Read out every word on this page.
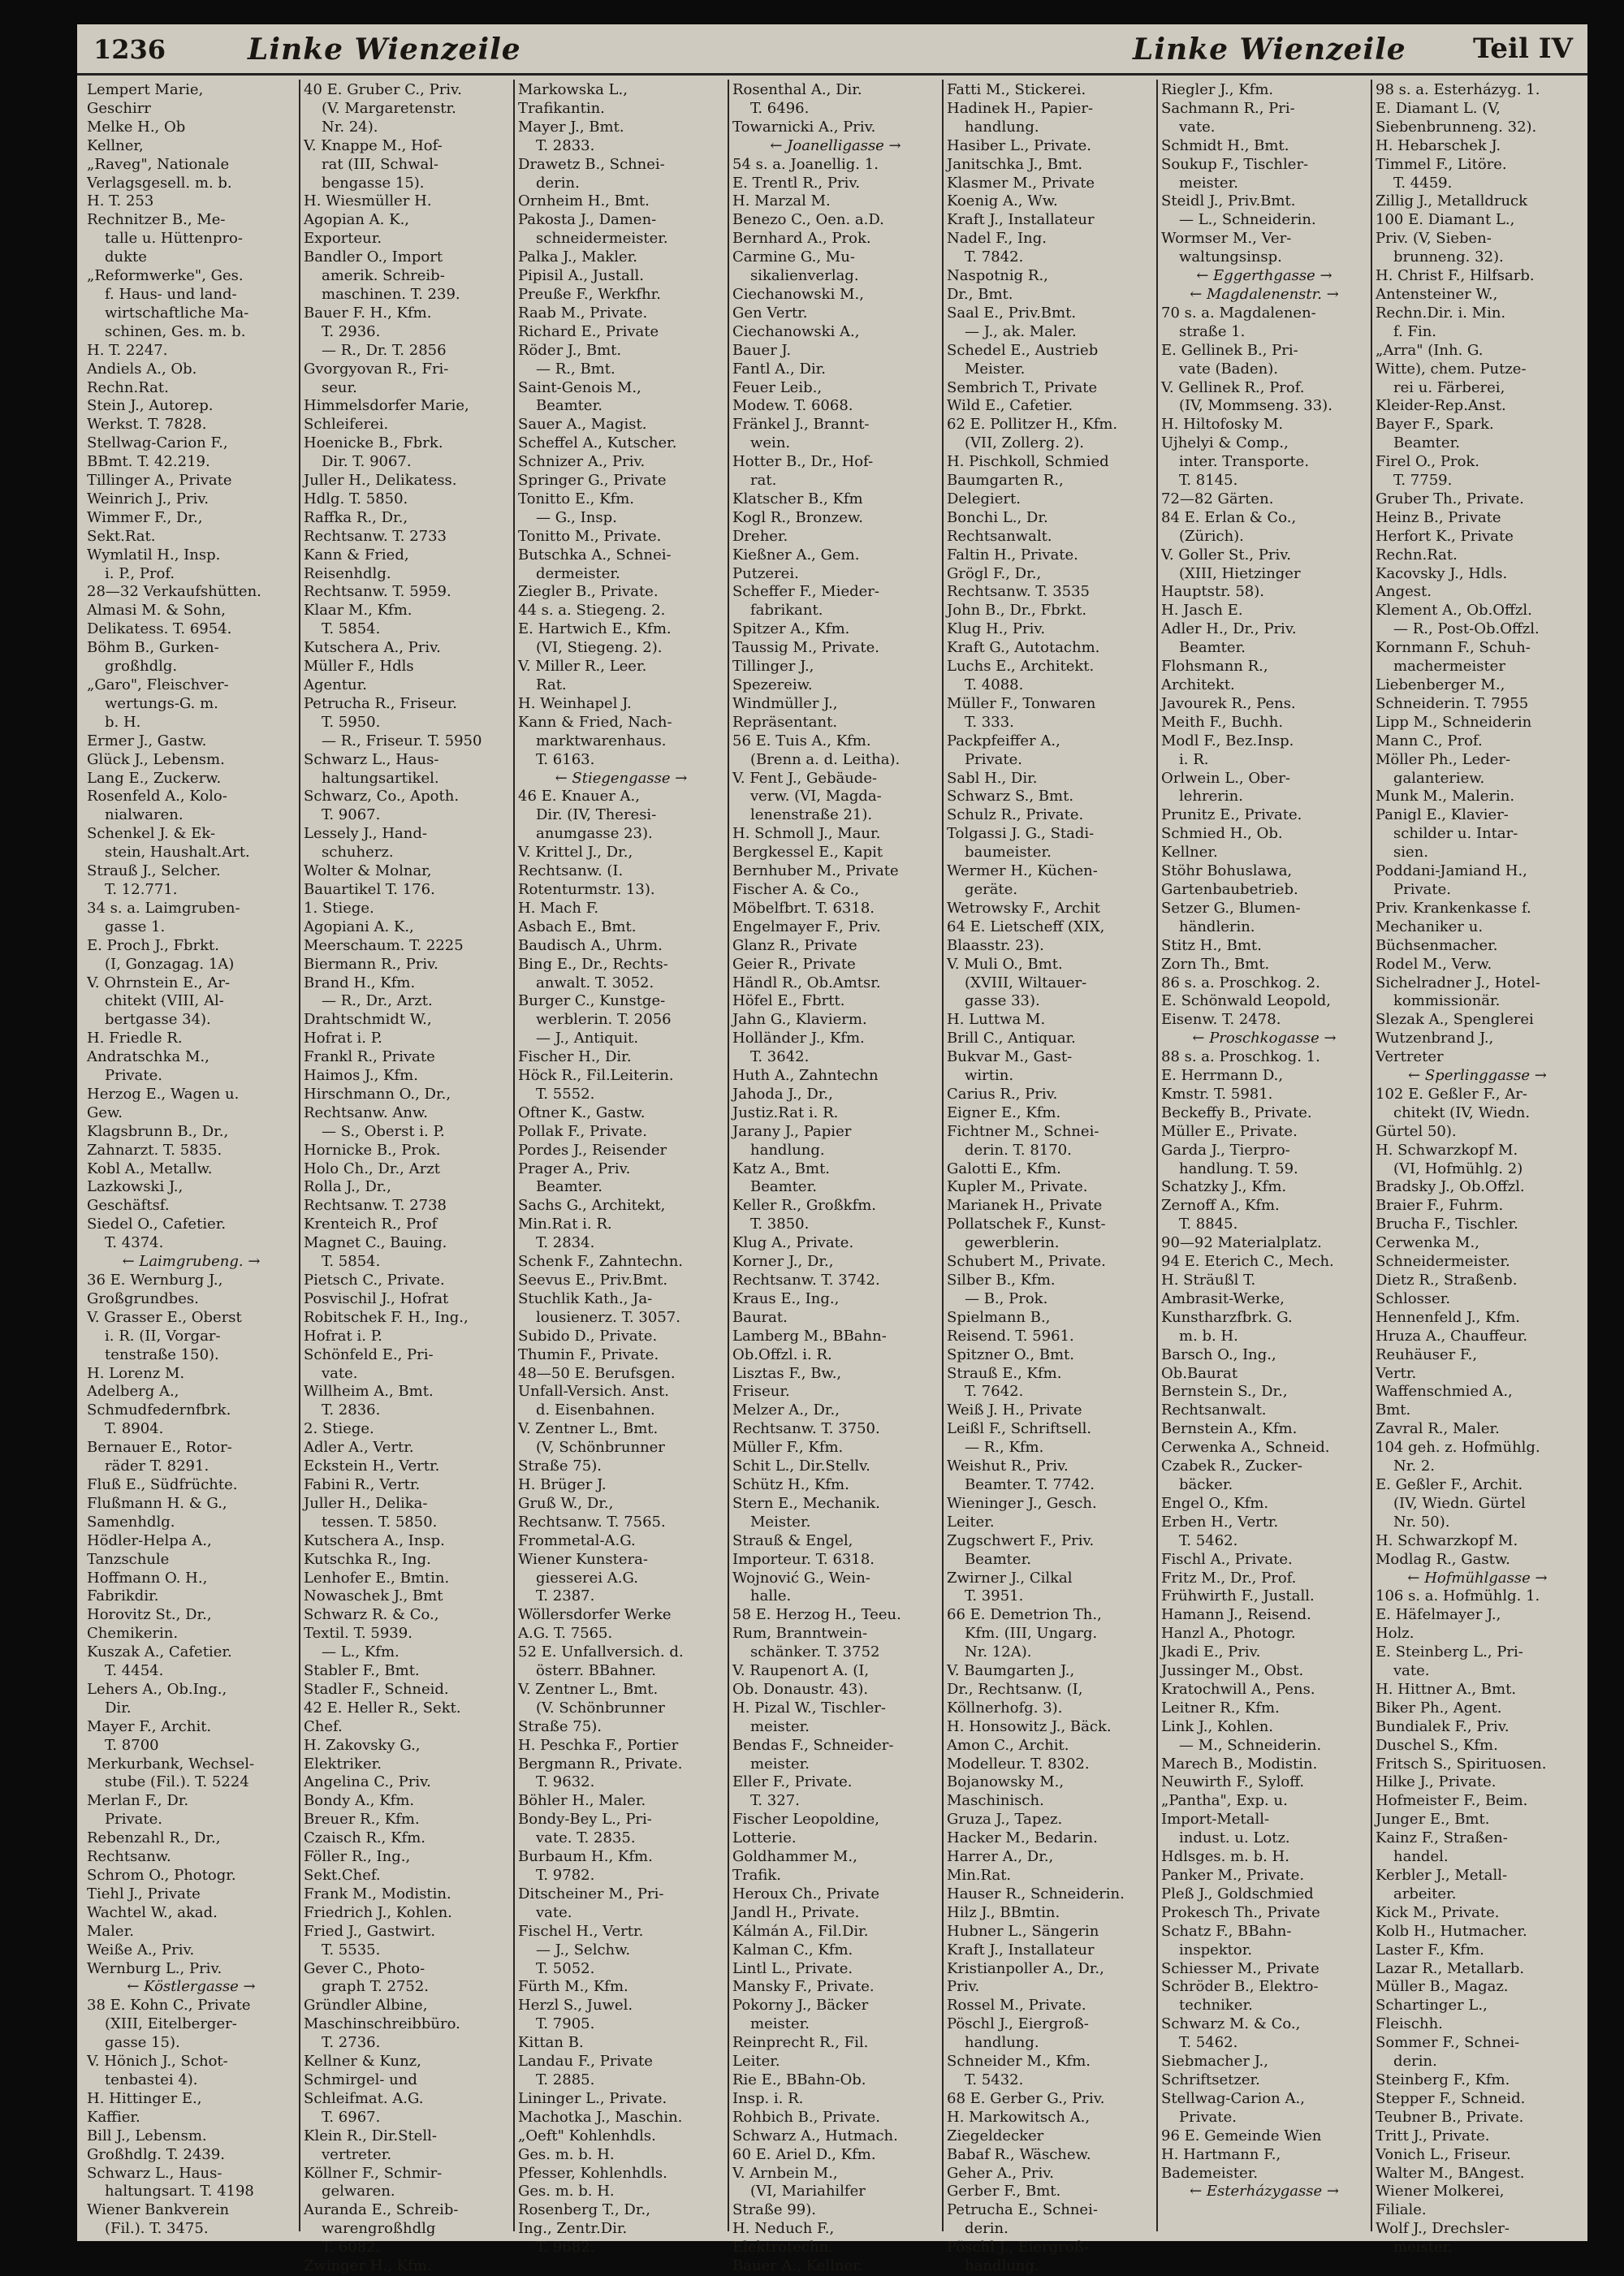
1236	Linke Wienzeile	Linke Wienzeile Teil IV
Lempert Marie,
Geschirr
Melke H., Ob
Kellner,
„Raveg", Nationale
Verlagsgesell. m. b.
H. T. 253
Rechnitzer B., Me-
talle u. Hüttenpro-
dukte
„Reformwerke", Ges.
f. Haus- und land-
wirtschaftliche Ma-
schinen, Ges. m. b.
H. T. 2247.
Andiels A., Ob.
Rechn.Rat.
Stein J., Autorep.
Werkst. T. 7828.
Stellwag-Carion F.,
BBmt. T. 42.219.
Tillinger A., Private
Weinrich J., Priv.
Wimmer F., Dr.,
Sekt.Rat.
Wymlatil H., Insp.
i. P., Prof.
28—32 Verkaufshütten.
Almasi M. & Sohn,
Delikatess. T. 6954.
Böhm B., Gurken-
großhdlg.
„Garo", Fleischver-
wertungs-G. m.
b. H.
Ermer J., Gastw.
Glück J., Lebensm.
Lang E., Zuckerw.
Rosenfeld A., Kolo-
nialwaren.
Schenkel J. & Ek-
stein, Haushalt.Art.
Strauß J., Selcher.
T. 12.771.
34 s. a. Laimgruben-
gasse 1.
E. Proch J., Fbrkt.
(I, Gonzagag. 1A)
V. Ohrnstein E., Ar-
chitekt (VIII, Al-
bertgasse 34).
H. Friedle R.
Andratschka M.,
Private.
Herzog E., Wagen u.
Gew.
Klagsbrunn B., Dr.,
Zahnarzt. T. 5835.
Kobl A., Metallw.
Lazkowski J.,
Geschäftsf.
Siedel O., Cafetier.
T. 4374.
← Laimgrubeng. →
36 E. Wernburg J.,
Großgrundbes.
V. Grasser E., Oberst
i. R. (II, Vorgar-
tenstraße 150).
H. Lorenz M.
Adelberg A.,
Schmudfedernfbrk.
T. 8904.
Bernauer E., Rotor-
räder T. 8291.
Fluß E., Südfrüchte.
Flußmann H. & G.,
Samenhdlg.
Hödler-Helpa A.,
Tanzschule
Hoffmann O. H.,
Fabrikdir.
Horovitz St., Dr.,
Chemikerin.
Kuszak A., Cafetier.
T. 4454.
Lehers A., Ob.Ing.,
Dir.
Mayer F., Archit.
T. 8700
Merkurbank, Wechsel-
stube (Fil.). T. 5224
Merlan F., Dr.
Private.
Rebenzahl R., Dr.,
Rechtsanw.
Schrom O., Photogr.
Tiehl J., Private
Wachtel W., akad.
Maler.
Weiße A., Priv.
Wernburg L., Priv.
← Köstlergasse →
38 E. Kohn C., Private
(XIII, Eitelberger-
gasse 15).
V. Hönich J., Schot-
tenbastei 4).
H. Hittinger E.,
Kaffier.
Bill J., Lebensm.
Großhdlg. T. 2439.
Schwarz L., Haus-
haltungsart. T. 4198
Wiener Bankverein
(Fil.). T. 3475.
40 E. Gruber C., Priv.
(V. Margaretenstr.
Nr. 24).
V. Knappe M., Hof-
rat (III, Schwal-
bengasse 15).
H. Wiesmüller H.
Agopian A. K.,
Exporteur.
Bandler O., Import
amerik. Schreib-
maschinen. T. 239.
Bauer F. H., Kfm.
T. 2936.
— R., Dr. T. 2856
Gvorgyovan R., Fri-
seur.
Himmelsdorfer Marie,
Schleiferei.
Hoenicke B., Fbrk.
Dir. T. 9067.
Juller H., Delikatess.
Hdlg. T. 5850.
Raffka R., Dr.,
Rechtsanw. T. 2733
Kann & Fried,
Reisenhdlg.
Rechtsanw. T. 5959.
Klaar M., Kfm.
T. 5854.
Kutschera A., Priv.
Müller F., Hdls
Agentur.
Petrucha R., Friseur.
T. 5950.
— R., Friseur. T. 5950
Schwarz L., Haus-
haltungsartikel.
Schwarz, Co., Apoth.
T. 9067.
Lessely J., Hand-
schuherz.
Wolter & Molnar,
Bauartikel T. 176.
1. Stiege.
Agopiani A. K.,
Meerschaum. T. 2225
Biermann R., Priv.
Brand H., Kfm.
— R., Dr., Arzt.
Drahtschmidt W.,
Hofrat i. P.
Frankl R., Private
Haimos J., Kfm.
Hirschmann O., Dr.,
Rechtsanw. Anw.
— S., Oberst i. P.
Hornicke B., Prok.
Holo Ch., Dr., Arzt
Rolla J., Dr.,
Rechtsanw. T. 2738
Krenteich R., Prof
Magnet C., Bauing.
T. 5854.
Pietsch C., Private.
Posvischil J., Hofrat
Robitschek F. H., Ing.,
Hofrat i. P.
Schönfeld E., Pri-
vate.
Willheim A., Bmt.
T. 2836.
2. Stiege.
Adler A., Vertr.
Eckstein H., Vertr.
Fabini R., Vertr.
Juller H., Delika-
tessen. T. 5850.
Kutschera A., Insp.
Kutschka R., Ing.
Lenhofer E., Bmtin.
Nowaschek J., Bmt
Schwarz R. & Co.,
Textil. T. 5939.
— L., Kfm.
Stabler F., Bmt.
Stadler F., Schneid.
42 E. Heller R., Sekt.
Chef.
H. Zakovsky G.,
Elektriker.
Angelina C., Priv.
Bondy A., Kfm.
Breuer R., Kfm.
Czaisch R., Kfm.
Föller R., Ing.,
Sekt.Chef.
Frank M., Modistin.
Friedrich J., Kohlen.
Fried J., Gastwirt.
T. 5535.
Gever C., Photo-
graph T. 2752.
Gründler Albine,
Maschinschreibbüro.
T. 2736.
Kellner & Kunz,
Schmirgel- und
Schleifmat. A.G.
T. 6967.
Klein R., Dir.Stell-
vertreter.
Köllner F., Schmir-
gelwaren.
Auranda E., Schreib-
warengroßhdlg
T. 6082.
Zwinger H., Kfm.
Markowska L.,
Trafikantin.
Mayer J., Bmt.
T. 2833.
Drawetz B., Schnei-
derin.
Ornheim H., Bmt.
Pakosta J., Damen-
schneidermeister.
Palka J., Makler.
Pipisil A., Justall.
Preuße F., Werkfhr.
Raab M., Private.
Richard E., Private
Röder J., Bmt.
— R., Bmt.
Saint-Genois M.,
Beamter.
Sauer A., Magist.
Scheffel A., Kutscher.
Schnizer A., Priv.
Springer G., Private
Tonitto E., Kfm.
— G., Insp.
Tonitto M., Private.
Butschka A., Schnei-
dermeister.
Ziegler B., Private.
44 s. a. Stiegeng. 2.
E. Hartwich E., Kfm.
(VI, Stiegeng. 2).
V. Miller R., Leer.
Rat.
H. Weinhapel J.
Kann & Fried, Nach-
marktwarenhaus.
T. 6163.
← Stiegengasse →
46 E. Knauer A.,
Dir. (IV, Theresi-
anumgasse 23).
V. Krittel J., Dr.,
Rechtsanw. (I.
Rotenturmstr. 13).
H. Mach F.
Asbach E., Bmt.
Baudisch A., Uhrm.
Bing E., Dr., Rechts-
anwalt. T. 3052.
Burger C., Kunstge-
werblerin. T. 2056
— J., Antiquit.
Fischer H., Dir.
Höck R., Fil.Leiterin.
T. 5552.
Oftner K., Gastw.
Pollak F., Private.
Pordes J., Reisender
Prager A., Priv.
Beamter.
Sachs G., Architekt,
Min.Rat i. R.
T. 2834.
Schenk F., Zahntechn.
Seevus E., Priv.Bmt.
Stuchlik Kath., Ja-
lousienerz. T. 3057.
Subido D., Private.
Thumin F., Private.
48—50 E. Berufsgen.
Unfall-Versich. Anst.
d. Eisenbahnen.
V. Zentner L., Bmt.
(V, Schönbrunner
Straße 75).
H. Brüger J.
Gruß W., Dr.,
Rechtsanw. T. 7565.
Frommetal-A.G.
Wiener Kunstera-
giesserei A.G.
T. 2387.
Wöllersdorfer Werke
A.G. T. 7565.
52 E. Unfallversich. d.
österr. BBahner.
V. Zentner L., Bmt.
(V. Schönbrunner
Straße 75).
H. Peschka F., Portier
Bergmann R., Private.
T. 9632.
Böhler H., Maler.
Bondy-Bey L., Pri-
vate. T. 2835.
Burbaum H., Kfm.
T. 9782.
Ditscheiner M., Pri-
vate.
Fischel H., Vertr.
— J., Selchw.
T. 5052.
Fürth M., Kfm.
Herzl S., Juwel.
T. 7905.
Kittan B.
Landau F., Private
T. 2885.
Lininger L., Private.
Machotka J., Maschin.
„Oeft" Kohlenhdls.
Ges. m. b. H.
Pfesser, Kohlenhdls.
Ges. m. b. H.
Rosenberg T., Dr.,
Ing., Zentr.Dir.
T. 9682.
Rosenthal A., Dir.
T. 6496.
Towarnicki A., Priv.
← Joanelligasse →
54 s. a. Joanellig. 1.
E. Trentl R., Priv.
H. Marzal M.
Benezo C., Oen. a.D.
Bernhard A., Prok.
Carmine G., Mu-
sikalienverlag.
Ciechanowski M.,
Gen Vertr.
Ciechanowski A.,
Bauer J.
Fantl A., Dir.
Feuer Leib.,
Modew. T. 6068.
Fränkel J., Brannt-
wein.
Hotter B., Dr., Hof-
rat.
Klatscher B., Kfm
Kogl R., Bronzew.
Dreher.
Kießner A., Gem.
Putzerei.
Scheffer F., Mieder-
fabrikant.
Spitzer A., Kfm.
Taussig M., Private.
Tillinger J.,
Spezereiw.
Windmüller J.,
Repräsentant.
56 E. Tuis A., Kfm.
(Brenn a. d. Leitha).
V. Fent J., Gebäude-
verw. (VI, Magda-
lenenstraße 21).
H. Schmoll J., Maur.
Bergkessel E., Kapit
Bernhuber M., Private
Fischer A. & Co.,
Möbelfbrt. T. 6318.
Engelmayer F., Priv.
Glanz R., Private
Geier R., Private
Händl R., Ob.Amtsr.
Höfel E., Fbrtt.
Jahn G., Klavierm.
Holländer J., Kfm.
T. 3642.
Huth A., Zahntechn
Jahoda J., Dr.,
Justiz.Rat i. R.
Jarany J., Papier
handlung.
Katz A., Bmt.
Beamter.
Keller R., Großkfm.
T. 3850.
Klug A., Private.
Korner J., Dr.,
Rechtsanw. T. 3742.
Kraus E., Ing.,
Baurat.
Lamberg M., BBahn-
Ob.Offzl. i. R.
Lisztas F., Bw.,
Friseur.
Melzer A., Dr.,
Rechtsanw. T. 3750.
Müller F., Kfm.
Schit L., Dir.Stellv.
Schütz H., Kfm.
Stern E., Mechanik.
Meister.
Strauß & Engel,
Importeur. T. 6318.
Wojnović G., Wein-
halle.
58 E. Herzog H., Teeu.
Rum, Branntwein-
schänker. T. 3752
V. Raupenort A. (I,
Ob. Donaustr. 43).
H. Pizal W., Tischler-
meister.
Bendas F., Schneider-
meister.
Eller F., Private.
T. 327.
Fischer Leopoldine,
Lotterie.
Goldhammer M.,
Trafik.
Heroux Ch., Private
Jandl H., Private.
Kálmán A., Fil.Dir.
Kalman C., Kfm.
Lintl L., Private.
Mansky F., Private.
Pokorny J., Bäcker
meister.
Reinprecht R., Fil.
Leiter.
Rie E., BBahn-Ob.
Insp. i. R.
Rohbich B., Private.
Schwarz A., Hutmach.
60 E. Ariel D., Kfm.
V. Arnbein M.,
(VI, Mariahilfer
Straße 99).
H. Neduch F.,
Elektrotechn.
Bauer A., Kellner.
Fatti M., Stickerei.
Hadinek H., Papier-
handlung.
Hasiber L., Private.
Janitschka J., Bmt.
Klasmer M., Private
Koenig A., Ww.
Kraft J., Installateur
Nadel F., Ing.
T. 7842.
Naspotnig R.,
Dr., Bmt.
Saal E., Priv.Bmt.
— J., ak. Maler.
Schedel E., Austrieb
Meister.
Sembrich T., Private
Wild E., Cafetier.
62 E. Pollitzer H., Kfm.
(VII, Zollerg. 2).
H. Pischkoll, Schmied
Baumgarten R.,
Delegiert.
Bonchi L., Dr.
Rechtsanwalt.
Faltin H., Private.
Grögl F., Dr.,
Rechtsanw. T. 3535
John B., Dr., Fbrkt.
Klug H., Priv.
Kraft G., Autotachm.
Luchs E., Architekt.
T. 4088.
Müller F., Tonwaren
T. 333.
Packpfeiffer A.,
Private.
Sabl H., Dir.
Schwarz S., Bmt.
Schulz R., Private.
Tolgassi J. G., Stadi-
baumeister.
Wermer H., Küchen-
geräte.
Wetrowsky F., Archit
64 E. Lietscheff (XIX,
Blaasstr. 23).
V. Muli O., Bmt.
(XVIII, Wiltauer-
gasse 33).
H. Luttwa M.
Brill C., Antiquar.
Bukvar M., Gast-
wirtin.
Carius R., Priv.
Eigner E., Kfm.
Fichtner M., Schnei-
derin. T. 8170.
Galotti E., Kfm.
Kupler M., Private.
Marianek H., Private
Pollatschek F., Kunst-
gewerblerin.
Schubert M., Private.
Silber B., Kfm.
— B., Prok.
Spielmann B.,
Reisend. T. 5961.
Spitzner O., Bmt.
Strauß E., Kfm.
T. 7642.
Weiß J. H., Private
Leißl F., Schriftsell.
— R., Kfm.
Weishut R., Priv.
Beamter. T. 7742.
Wieninger J., Gesch.
Leiter.
Zugschwert F., Priv.
Beamter.
Zwirner J., Cilkal
T. 3951.
66 E. Demetrion Th.,
Kfm. (III, Ungarg.
Nr. 12A).
V. Baumgarten J.,
Dr., Rechtsanw. (I,
Köllnerhofg. 3).
H. Honsowitz J., Bäck.
Amon C., Archit.
Modelleur. T. 8302.
Bojanowsky M.,
Maschinisch.
Gruza J., Tapez.
Hacker M., Bedarin.
Harrer A., Dr.,
Min.Rat.
Hauser R., Schneiderin.
Hilz J., BBmtin.
Hubner L., Sängerin
Kraft J., Installateur
Kristianpoller A., Dr.,
Priv.
Rossel M., Private.
Pöschl J., Eiergroß-
handlung.
Schneider M., Kfm.
T. 5432.
68 E. Gerber G., Priv.
H. Markowitsch A.,
Ziegeldecker
Babaf R., Wäschew.
Geher A., Priv.
Gerber F., Bmt.
Petrucha E., Schnei-
derin.
Pöschl J., Eiergroß-
handlung.
Riegler J., Kfm.
Sachmann R., Pri-
vate.
Schmidt H., Bmt.
Soukup F., Tischler-
meister.
Steidl J., Priv.Bmt.
— L., Schneiderin.
Wormser M., Ver-
waltungsinsp.
← Eggerthgasse →
← Magdalenenstr. →
70 s. a. Magdalenen-
straße 1.
E. Gellinek B., Pri-
vate (Baden).
V. Gellinek R., Prof.
(IV, Mommseng. 33).
H. Hiltofosky M.
Ujhelyi & Comp.,
inter. Transporte.
T. 8145.
72—82 Gärten.
84 E. Erlan & Co.,
(Zürich).
V. Goller St., Priv.
(XIII, Hietzinger
Hauptstr. 58).
H. Jasch E.
Adler H., Dr., Priv.
Beamter.
Flohsmann R.,
Architekt.
Javourek R., Pens.
Meith F., Buchh.
Modl F., Bez.Insp.
i. R.
Orlwein L., Ober-
lehrerin.
Prunitz E., Private.
Schmied H., Ob.
Kellner.
Stöhr Bohuslawa,
Gartenbaubetrieb.
Setzer G., Blumen-
händlerin.
Stitz H., Bmt.
Zorn Th., Bmt.
86 s. a. Proschkog. 2.
E. Schönwald Leopold,
Eisenw. T. 2478.
← Proschkogasse →
88 s. a. Proschkog. 1.
E. Herrmann D.,
Kmstr. T. 5981.
Beckeffy B., Private.
Müller E., Private.
Garda J., Tierpro-
handlung. T. 59.
Schatzky J., Kfm.
Zernoff A., Kfm.
T. 8845.
90—92 Materialplatz.
94 E. Eterich C., Mech.
H. Sträußl T.
Ambrasit-Werke,
Kunstharzfbrk. G.
m. b. H.
Barsch O., Ing.,
Ob.Baurat
Bernstein S., Dr.,
Rechtsanwalt.
Bernstein A., Kfm.
Cerwenka A., Schneid.
Czabek R., Zucker-
bäcker.
Engel O., Kfm.
Erben H., Vertr.
T. 5462.
Fischl A., Private.
Fritz M., Dr., Prof.
Frühwirth F., Justall.
Hamann J., Reisend.
Hanzl A., Photogr.
Jkadi E., Priv.
Jussinger M., Obst.
Kratochwill A., Pens.
Leitner R., Kfm.
Link J., Kohlen.
— M., Schneiderin.
Marech B., Modistin.
Neuwirth F., Syloff.
„Pantha", Exp. u.
Import-Metall-
indust. u. Lotz.
Hdlsges. m. b. H.
Panker M., Private.
Pleß J., Goldschmied
Prokesch Th., Private
Schatz F., BBahn-
inspektor.
Schiesser M., Private
Schröder B., Elektro-
techniker.
Schwarz M. & Co.,
T. 5462.
Siebmacher J.,
Schriftsetzer.
Stellwag-Carion A.,
Private.
96 E. Gemeinde Wien
H. Hartmann F.,
Bademeister.
← Esterházygasse →
98 s. a. Esterházyg. 1.
E. Diamant L. (V,
Siebenbrunneng. 32).
H. Hebarschek J.
Timmel F., Litöre.
T. 4459.
Zillig J., Metalldruck
100 E. Diamant L.,
Priv. (V, Sieben-
brunneng. 32).
H. Christ F., Hilfsarb.
Antensteiner W.,
Rechn.Dir. i. Min.
f. Fin.
„Arra" (Inh. G.
Witte), chem. Putze-
rei u. Färberei,
Kleider-Rep.Anst.
Bayer F., Spark.
Beamter.
Firel O., Prok.
T. 7759.
Gruber Th., Private.
Heinz B., Private
Herfort K., Private
Rechn.Rat.
Kacovsky J., Hdls.
Angest.
Klement A., Ob.Offzl.
— R., Post-Ob.Offzl.
Kornmann F., Schuh-
machermeister
Liebenberger M.,
Schneiderin. T. 7955
Lipp M., Schneiderin
Mann C., Prof.
Möller Ph., Leder-
galanteriew.
Munk M., Malerin.
Panigl E., Klavier-
schilder u. Intar-
sien.
Poddani-Jamiand H.,
Private.
Priv. Krankenkasse f.
Mechaniker u.
Büchsenmacher.
Rodel M., Verw.
Sichelradner J., Hotel-
kommissionär.
Slezak A., Spenglerei
Wutzenbrand J.,
Vertreter
← Sperlinggasse →
102 E. Geßler F., Ar-
chitekt (IV, Wiedn.
Gürtel 50).
H. Schwarzkopf M.
(VI, Hofmühlg. 2)
Bradsky J., Ob.Offzl.
Braier F., Fuhrm.
Brucha F., Tischler.
Cerwenka M.,
Schneidermeister.
Dietz R., Straßenb.
Schlosser.
Hennenfeld J., Kfm.
Hruza A., Chauffeur.
Reuhäuser F.,
Vertr.
Waffenschmied A.,
Bmt.
Zavral R., Maler.
104 geh. z. Hofmühlg.
Nr. 2.
E. Geßler F., Archit.
(IV, Wiedn. Gürtel
Nr. 50).
H. Schwarzkopf M.
Modlag R., Gastw.
← Hofmühlgasse →
106 s. a. Hofmühlg. 1.
E. Häfelmayer J.,
Holz.
E. Steinberg L., Pri-
vate.
H. Hittner A., Bmt.
Biker Ph., Agent.
Bundialek F., Priv.
Duschel S., Kfm.
Fritsch S., Spirituosen.
Hilke J., Private.
Hofmeister F., Beim.
Junger E., Bmt.
Kainz F., Straßen-
handel.
Kerbler J., Metall-
arbeiter.
Kick M., Private.
Kolb H., Hutmacher.
Laster F., Kfm.
Lazar R., Metallarb.
Müller B., Magaz.
Schartinger L.,
Fleischh.
Sommer F., Schnei-
derin.
Steinberg F., Kfm.
Stepper F., Schneid.
Teubner B., Private.
Tritt J., Private.
Vonich L., Friseur.
Walter M., BAngest.
Wiener Molkerei,
Filiale.
Wolf J., Drechsler-
meister.
